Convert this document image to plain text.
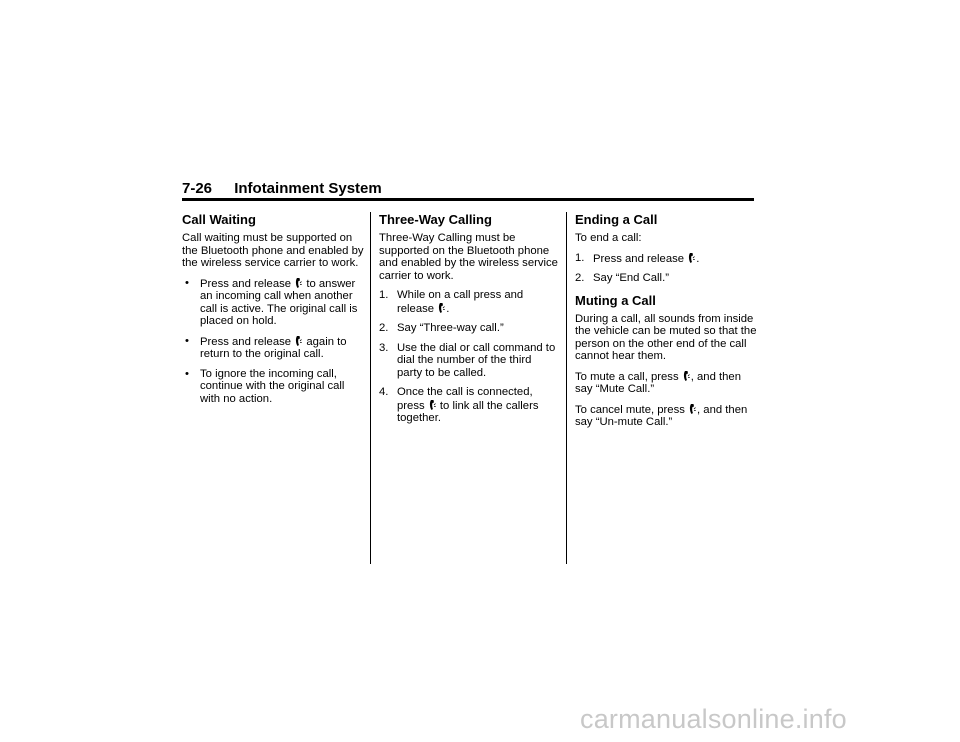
7-26 Infotainment System
Call Waiting

Call waiting must be supported on the Bluetooth phone and enabled by the wireless service carrier to work.

• Press and release to answer an incoming call when another call is active. The original call is placed on hold.
• Press and release again to return to the original call.
• To ignore the incoming call, continue with the original call with no action.
Three-Way Calling

Three-Way Calling must be supported on the Bluetooth phone and enabled by the wireless service carrier to work.

1. While on a call press and release .
2. Say “Three-way call.”
3. Use the dial or call command to dial the number of the third party to be called.
4. Once the call is connected, press to link all the callers together.
Ending a Call

To end a call:

1. Press and release .
2. Say “End Call.”
Muting a Call

During a call, all sounds from inside the vehicle can be muted so that the person on the other end of the call cannot hear them.

To mute a call, press , and then say “Mute Call.”

To cancel mute, press , and then say “Un-mute Call.”

carmanualsonline.info
